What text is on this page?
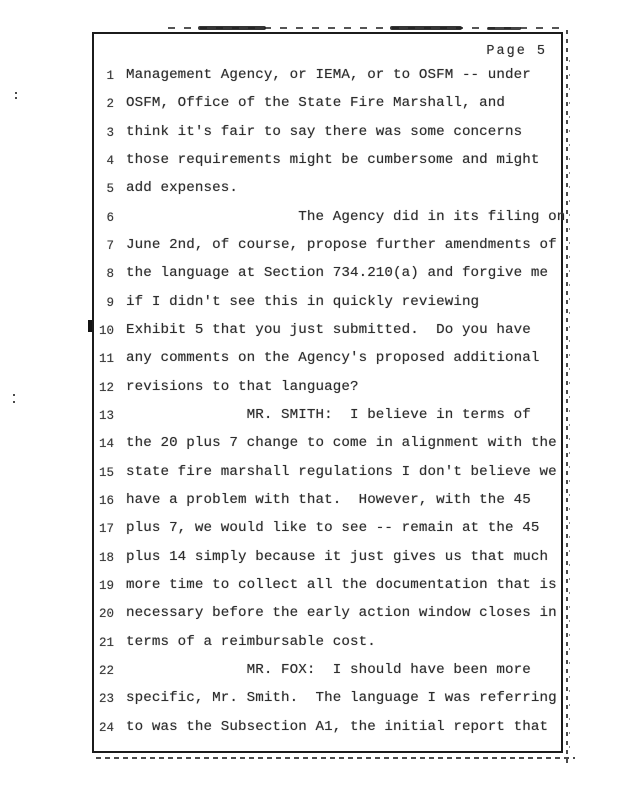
Page 5
1 Management Agency, or IEMA, or to OSFM -- under
2 OSFM, Office of the State Fire Marshall, and
3 think it's fair to say there was some concerns
4 those requirements might be cumbersome and might
5 add expenses.
6 The Agency did in its filing on
7 June 2nd, of course, propose further amendments of
8 the language at Section 734.210(a) and forgive me
9 if I didn't see this in quickly reviewing
10 Exhibit 5 that you just submitted.  Do you have
11 any comments on the Agency's proposed additional
12 revisions to that language?
13 MR. SMITH:  I believe in terms of
14 the 20 plus 7 change to come in alignment with the
15 state fire marshall regulations I don't believe we
16 have a problem with that.  However, with the 45
17 plus 7, we would like to see -- remain at the 45
18 plus 14 simply because it just gives us that much
19 more time to collect all the documentation that is
20 necessary before the early action window closes in
21 terms of a reimbursable cost.
22 MR. FOX:  I should have been more
23 specific, Mr. Smith.  The language I was referring
24 to was the Subsection A1, the initial report that
